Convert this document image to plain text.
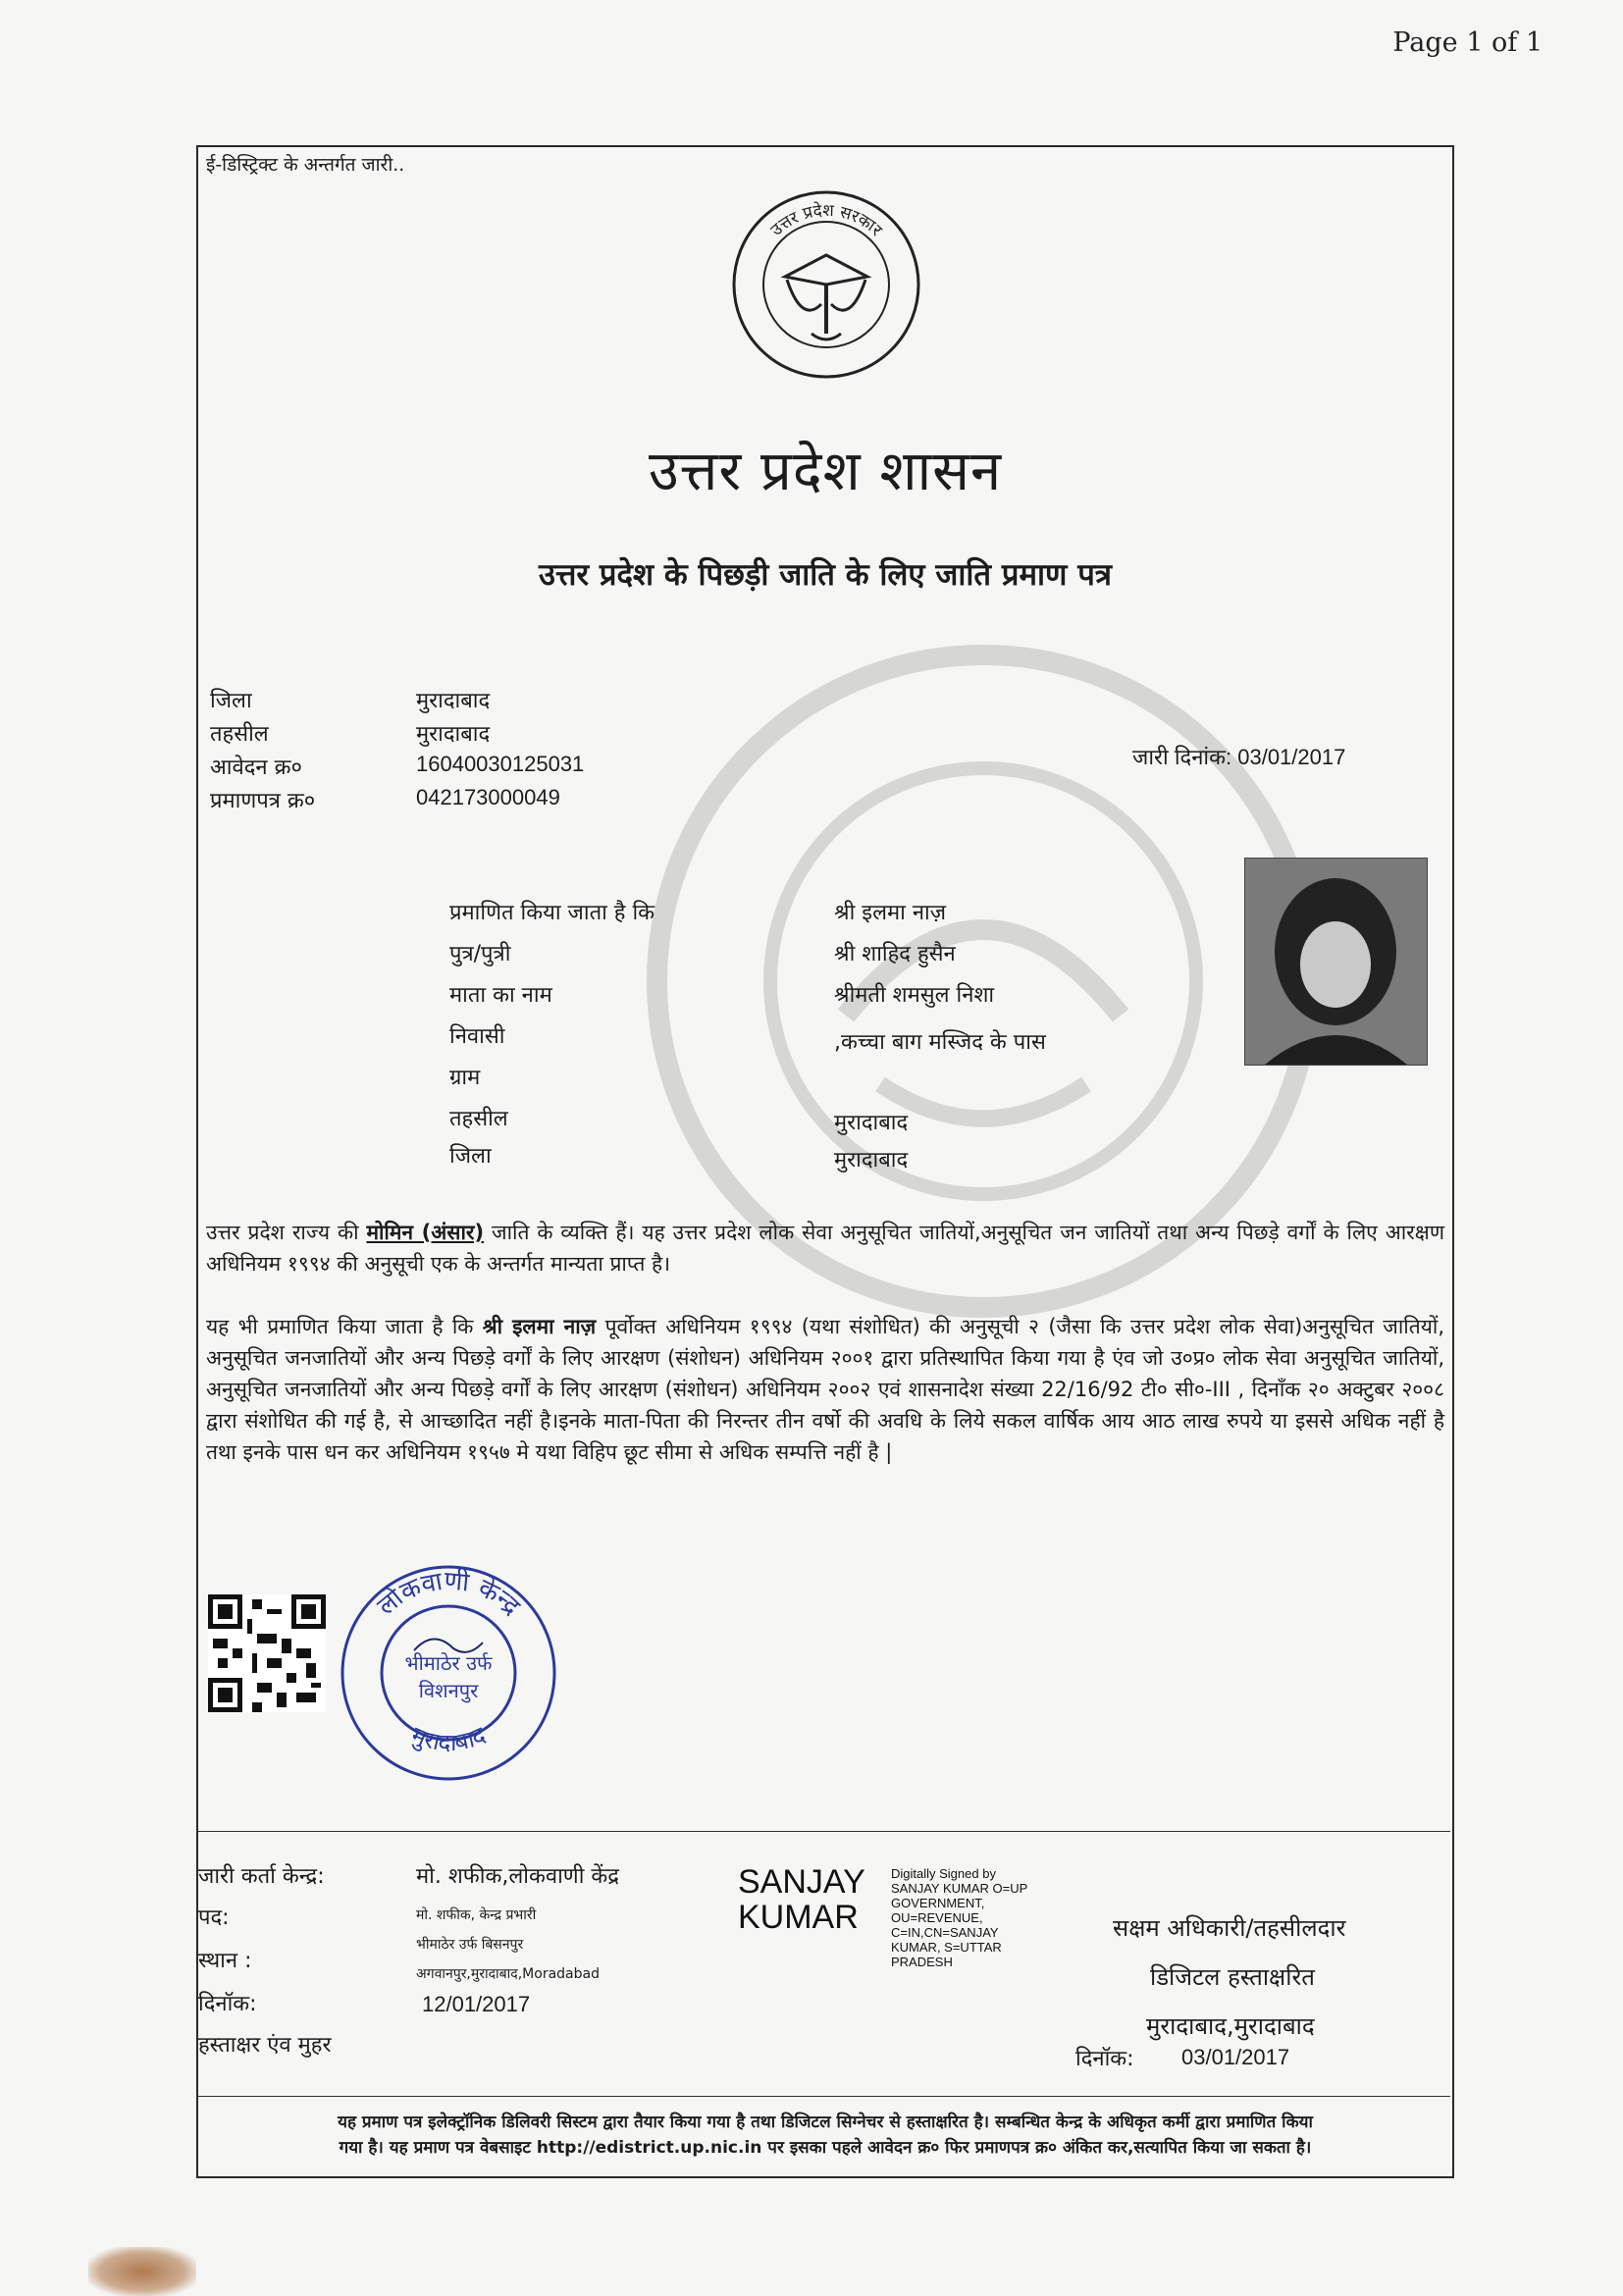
Page 1 of 1
ई-डिस्ट्रिक्ट के अन्तर्गत जारी..
उत्तर प्रदेश सरकार
उत्तर प्रदेश शासन
उत्तर प्रदेश के पिछड़ी जाति के लिए जाति प्रमाण पत्र
जिला	मुरादाबाद
तहसील	मुरादाबाद
आवेदन क्र०	16040030125031
प्रमाणपत्र क्र०	042173000049
जारी दिनांक: 03/01/2017
प्रमाणित किया जाता है कि	श्री इलमा नाज़
पुत्र/पुत्री	श्री शाहिद हुसैन
माता का नाम	श्रीमती शमसुल निशा
निवासी	,कच्चा बाग मस्जिद के पास
ग्राम
तहसील	मुरादाबाद
जिला	मुरादाबाद
उत्तर प्रदेश राज्य की मोमिन (अंसार) जाति के व्यक्ति हैं। यह उत्तर प्रदेश लोक सेवा अनुसूचित जातियों,अनुसूचित जन जातियों तथा अन्य पिछड़े वर्गों के लिए आरक्षण अधिनियम १९९४ की अनुसूची एक के अन्तर्गत मान्यता प्राप्त है।
यह भी प्रमाणित किया जाता है कि श्री इलमा नाज़ पूर्वोक्त अधिनियम १९९४ (यथा संशोधित) की अनुसूची २ (जैसा कि उत्तर प्रदेश लोक सेवा)अनुसूचित जातियों, अनुसूचित जनजातियों और अन्य पिछड़े वर्गों के लिए आरक्षण (संशोधन) अधिनियम २००१ द्वारा प्रतिस्थापित किया गया है एंव जो उ०प्र० लोक सेवा अनुसूचित जातियों, अनुसूचित जनजातियों और अन्य पिछड़े वर्गों के लिए आरक्षण (संशोधन) अधिनियम २००२ एवं शासनादेश संख्या 22/16/92 टी० सी०-III , दिनाँक २० अक्टुबर २००८ द्वारा संशोधित की गई है, से आच्छादित नहीं है।इनके माता-पिता की निरन्तर तीन वर्षो की अवधि के लिये सकल वार्षिक आय आठ लाख रुपये या इससे अधिक नहीं है तथा इनके पास धन कर अधिनियम १९५७ मे यथा विहिप छूट सीमा से अधिक सम्पत्ति नहीं है |
लोकवाणी केन्द्र
मुरादाबाद
भीमाठेर उर्फ
विशनपुर
जारी कर्ता केन्द्र:	मो. शफीक,लोकवाणी केंद्र
पद:	मो. शफीक, केन्द्र प्रभारी
स्थान :
भीमाठेर उर्फ बिसनपुर
अगवानपुर,मुरादाबाद,Moradabad
दिनॉक:	12/01/2017
हस्ताक्षर एंव मुहर
SANJAY
KUMAR
Digitally Signed by
SANJAY KUMAR O=UP
GOVERNMENT,
OU=REVENUE,
C=IN,CN=SANJAY
KUMAR, S=UTTAR
PRADESH
सक्षम अधिकारी/तहसीलदार
डिजिटल हस्ताक्षरित
मुरादाबाद,मुरादाबाद
दिनॉक: 03/01/2017
यह प्रमाण पत्र इलेक्ट्रॉनिक डिलिवरी सिस्टम द्वारा तैयार किया गया है तथा डिजिटल सिग्नेचर से हस्ताक्षरित है। सम्बन्धित केन्द्र के अधिकृत कर्मी द्वारा प्रमाणित किया
गया है। यह प्रमाण पत्र वेबसाइट http://edistrict.up.nic.in पर इसका पहले आवेदन क्र० फिर प्रमाणपत्र क्र० अंकित कर,सत्यापित किया जा सकता है।
